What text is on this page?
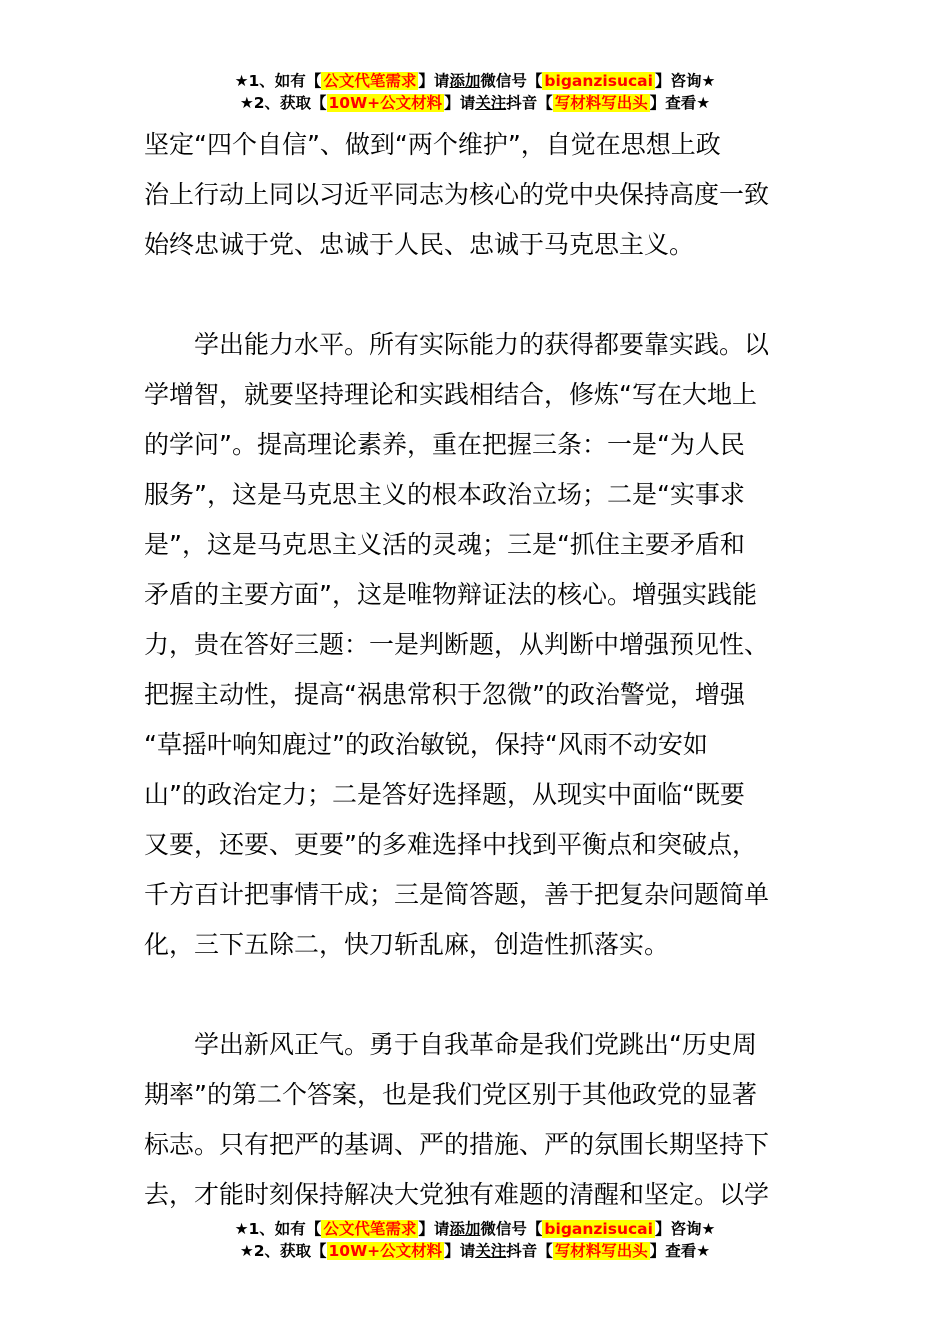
★1、如有【 公文代笔需求 】请添加微信号【 biganzisucai 】咨询★
★2、获取【 10W+公文材料 】请关注抖音【 写材料写出头 】查看★
坚定“四个自信”、做到“两个维护”，自觉在思想上政
治上行动上同以习近平同志为核心的党中央保持高度一致
始终忠诚于党、忠诚于人民、忠诚于马克思主义。
学出能力水平。所有实际能力的获得都要靠实践。以
学增智，就要坚持理论和实践相结合，修炼“写在大地上
的学问”。提高理论素养，重在把握三条：一是“为人民
服务”，这是马克思主义的根本政治立场；二是“实事求
是”，这是马克思主义活的灵魂；三是“抓住主要矛盾和
矛盾的主要方面”，这是唯物辩证法的核心。增强实践能
力，贵在答好三题：一是判断题，从判断中增强预见性、
把握主动性，提高“祸患常积于忽微”的政治警觉，增强
“草摇叶响知鹿过”的政治敏锐，保持“风雨不动安如
山”的政治定力；二是答好选择题，从现实中面临“既要
又要，还要、更要”的多难选择中找到平衡点和突破点，
千方百计把事情干成；三是简答题，善于把复杂问题简单
化，三下五除二，快刀斩乱麻，创造性抓落实。
学出新风正气。勇于自我革命是我们党跳出“历史周
期率”的第二个答案，也是我们党区别于其他政党的显著
标志。只有把严的基调、严的措施、严的氛围长期坚持下
去，才能时刻保持解决大党独有难题的清醒和坚定。以学
★1、如有【 公文代笔需求 】请添加微信号【 biganzisucai 】咨询★
★2、获取【 10W+公文材料 】请关注抖音【 写材料写出头 】查看★
